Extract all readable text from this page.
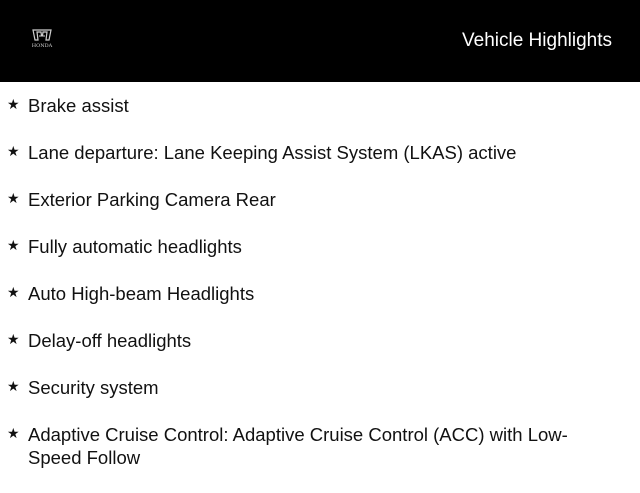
HONDA	Vehicle Highlights
★ Brake assist
★ Lane departure: Lane Keeping Assist System (LKAS) active
★ Exterior Parking Camera Rear
★ Fully automatic headlights
★ Auto High-beam Headlights
★ Delay-off headlights
★ Security system
★ Adaptive Cruise Control: Adaptive Cruise Control (ACC) with Low-Speed Follow
